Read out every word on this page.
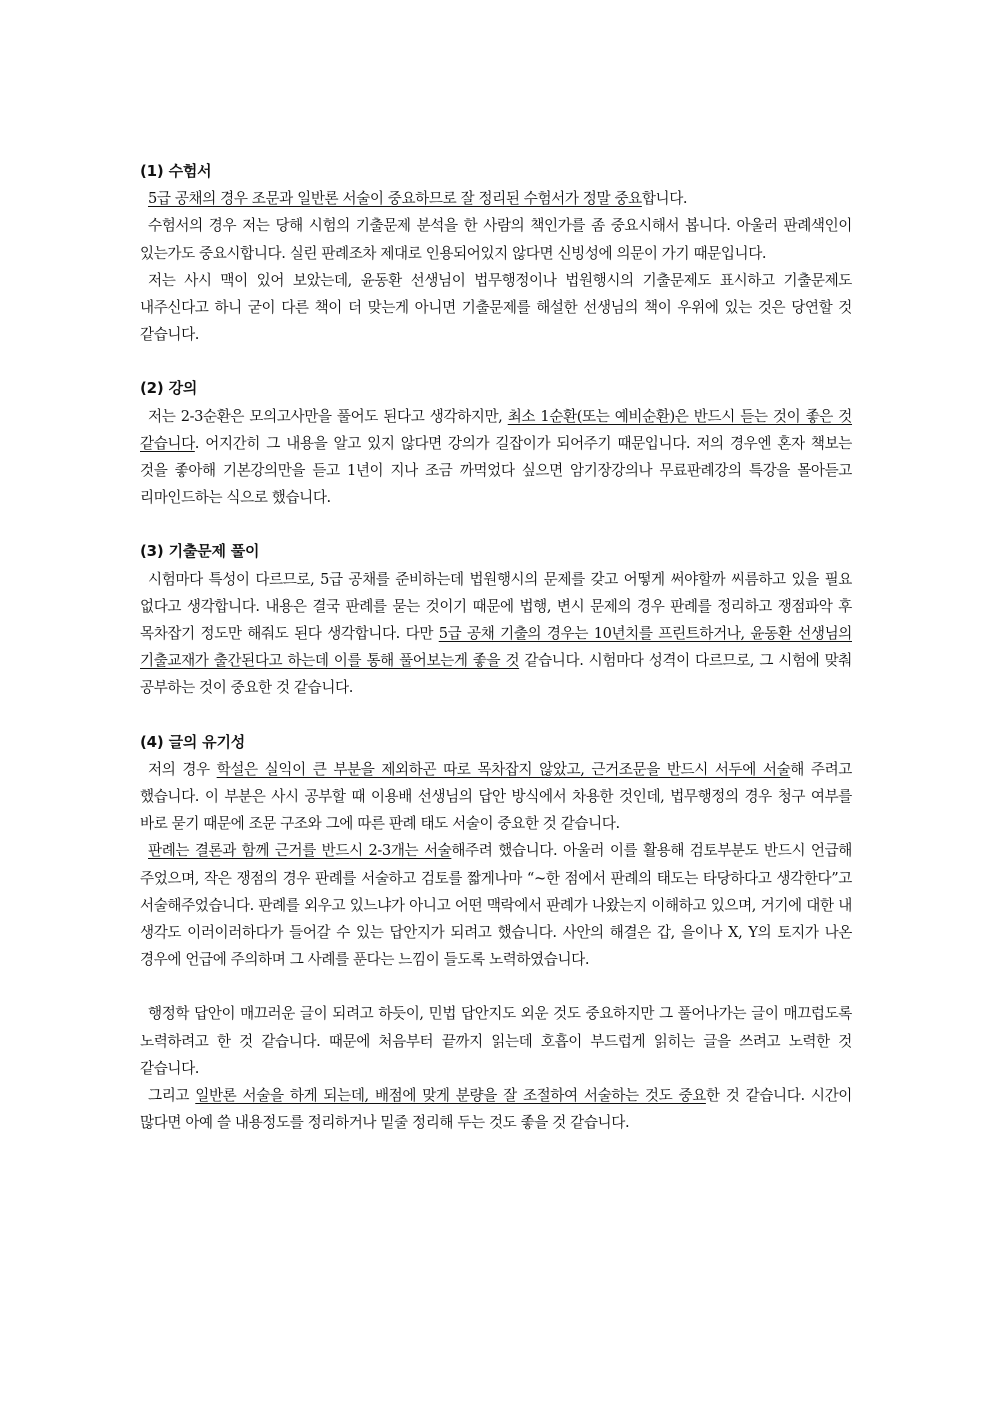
(1) 수험서

5급 공채의 경우 조문과 일반론 서술이 중요하므로 잘 정리된 수험서가 정말 중요합니다.

수험서의 경우 저는 당해 시험의 기출문제 분석을 한 사람의 책인가를 좀 중요시해서 봅니다. 아울러 판례색인이 있는가도 중요시합니다. 실린 판례조차 제대로 인용되어있지 않다면 신빙성에 의문이 가기 때문입니다.

저는 사시 맥이 있어 보았는데, 윤동환 선생님이 법무행정이나 법원행시의 기출문제도 표시하고 기출문제도 내주신다고 하니 굳이 다른 책이 더 맞는게 아니면 기출문제를 해설한 선생님의 책이 우위에 있는 것은 당연할 것 같습니다.

(2) 강의

저는 2-3순환은 모의고사만을 풀어도 된다고 생각하지만, 최소 1순환(또는 예비순환)은 반드시 듣는 것이 좋은 것 같습니다. 어지간히 그 내용을 알고 있지 않다면 강의가 길잡이가 되어주기 때문입니다. 저의 경우엔 혼자 책보는 것을 좋아해 기본강의만을 듣고 1년이 지나 조금 까먹었다 싶으면 암기장강의나 무료판례강의 특강을 몰아듣고 리마인드하는 식으로 했습니다.

(3) 기출문제 풀이

시험마다 특성이 다르므로, 5급 공채를 준비하는데 법원행시의 문제를 갖고 어떻게 써야할까 씨름하고 있을 필요 없다고 생각합니다. 내용은 결국 판례를 묻는 것이기 때문에 법행, 변시 문제의 경우 판례를 정리하고 쟁점파악 후 목차잡기 정도만 해줘도 된다 생각합니다. 다만 5급 공채 기출의 경우는 10년치를 프린트하거나, 윤동환 선생님의 기출교재가 출간된다고 하는데 이를 통해 풀어보는게 좋을 것 같습니다. 시험마다 성격이 다르므로, 그 시험에 맞춰 공부하는 것이 중요한 것 같습니다.

(4) 글의 유기성

저의 경우 학설은 실익이 큰 부분을 제외하곤 따로 목차잡지 않았고, 근거조문을 반드시 서두에 서술해 주려고 했습니다. 이 부분은 사시 공부할 때 이용배 선생님의 답안 방식에서 차용한 것인데, 법무행정의 경우 청구 여부를 바로 묻기 때문에 조문 구조와 그에 따른 판례 태도 서술이 중요한 것 같습니다.

판례는 결론과 함께 근거를 반드시 2-3개는 서술해주려 했습니다. 아울러 이를 활용해 검토부분도 반드시 언급해 주었으며, 작은 쟁점의 경우 판례를 서술하고 검토를 짧게나마 “~한 점에서 판례의 태도는 타당하다고 생각한다”고 서술해주었습니다. 판례를 외우고 있느냐가 아니고 어떤 맥락에서 판례가 나왔는지 이해하고 있으며, 거기에 대한 내 생각도 이러이러하다가 들어갈 수 있는 답안지가 되려고 했습니다. 사안의 해결은 갑, 을이나 X, Y의 토지가 나온 경우에 언급에 주의하며 그 사례를 푼다는 느낌이 들도록 노력하였습니다.

행정학 답안이 매끄러운 글이 되려고 하듯이, 민법 답안지도 외운 것도 중요하지만 그 풀어나가는 글이 매끄럽도록 노력하려고 한 것 같습니다. 때문에 처음부터 끝까지 읽는데 호흡이 부드럽게 읽히는 글을 쓰려고 노력한 것 같습니다.

그리고 일반론 서술을 하게 되는데, 배점에 맞게 분량을 잘 조절하여 서술하는 것도 중요한 것 같습니다. 시간이 많다면 아예 쓸 내용정도를 정리하거나 밑줄 정리해 두는 것도 좋을 것 같습니다.
